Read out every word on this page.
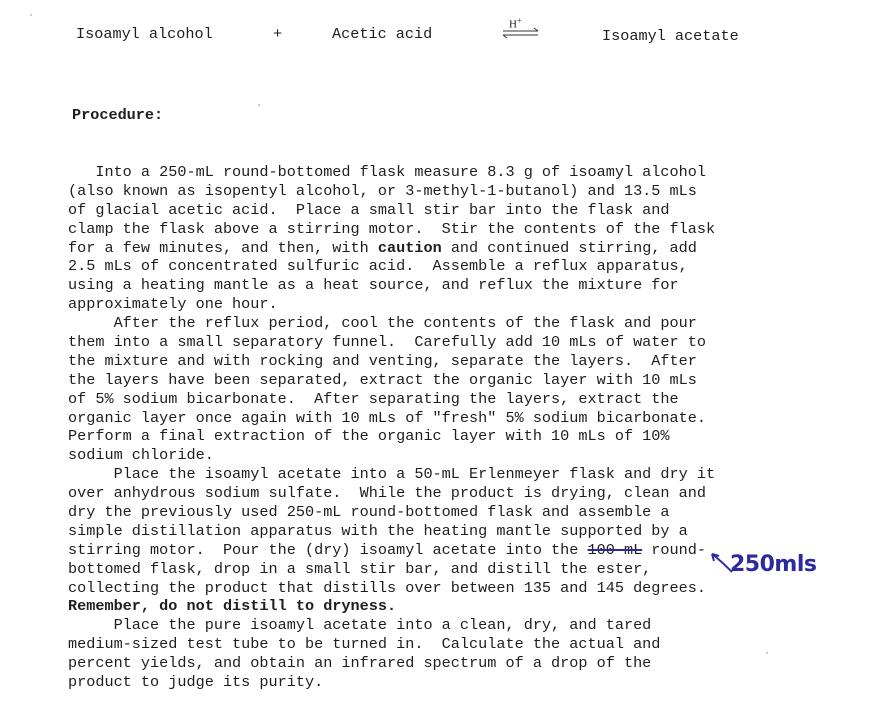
Isoamyl alcohol	+	Acetic acid
H+
Isoamyl acetate
Procedure:
Into a 250-mL round-bottomed flask measure 8.3 g of isoamyl alcohol
(also known as isopentyl alcohol, or 3-methyl-1-butanol) and 13.5 mLs
of glacial acetic acid.  Place a small stir bar into the flask and
clamp the flask above a stirring motor.  Stir the contents of the flask
for a few minutes, and then, with caution and continued stirring, add
2.5 mLs of concentrated sulfuric acid.  Assemble a reflux apparatus,
using a heating mantle as a heat source, and reflux the mixture for
approximately one hour.
After the reflux period, cool the contents of the flask and pour
them into a small separatory funnel.  Carefully add 10 mLs of water to
the mixture and with rocking and venting, separate the layers.  After
the layers have been separated, extract the organic layer with 10 mLs
of 5% sodium bicarbonate.  After separating the layers, extract the
organic layer once again with 10 mLs of "fresh" 5% sodium bicarbonate.
Perform a final extraction of the organic layer with 10 mLs of 10%
sodium chloride.
Place the isoamyl acetate into a 50-mL Erlenmeyer flask and dry it
over anhydrous sodium sulfate.  While the product is drying, clean and
dry the previously used 250-mL round-bottomed flask and assemble a
simple distillation apparatus with the heating mantle supported by a
stirring motor.  Pour the (dry) isoamyl acetate into the 100-mL round-
bottomed flask, drop in a small stir bar, and distill the ester,
collecting the product that distills over between 135 and 145 degrees.
Remember, do not distill to dryness.
Place the pure isoamyl acetate into a clean, dry, and tared
medium-sized test tube to be turned in.  Calculate the actual and
percent yields, and obtain an infrared spectrum of a drop of the
product to judge its purity.
250mls
